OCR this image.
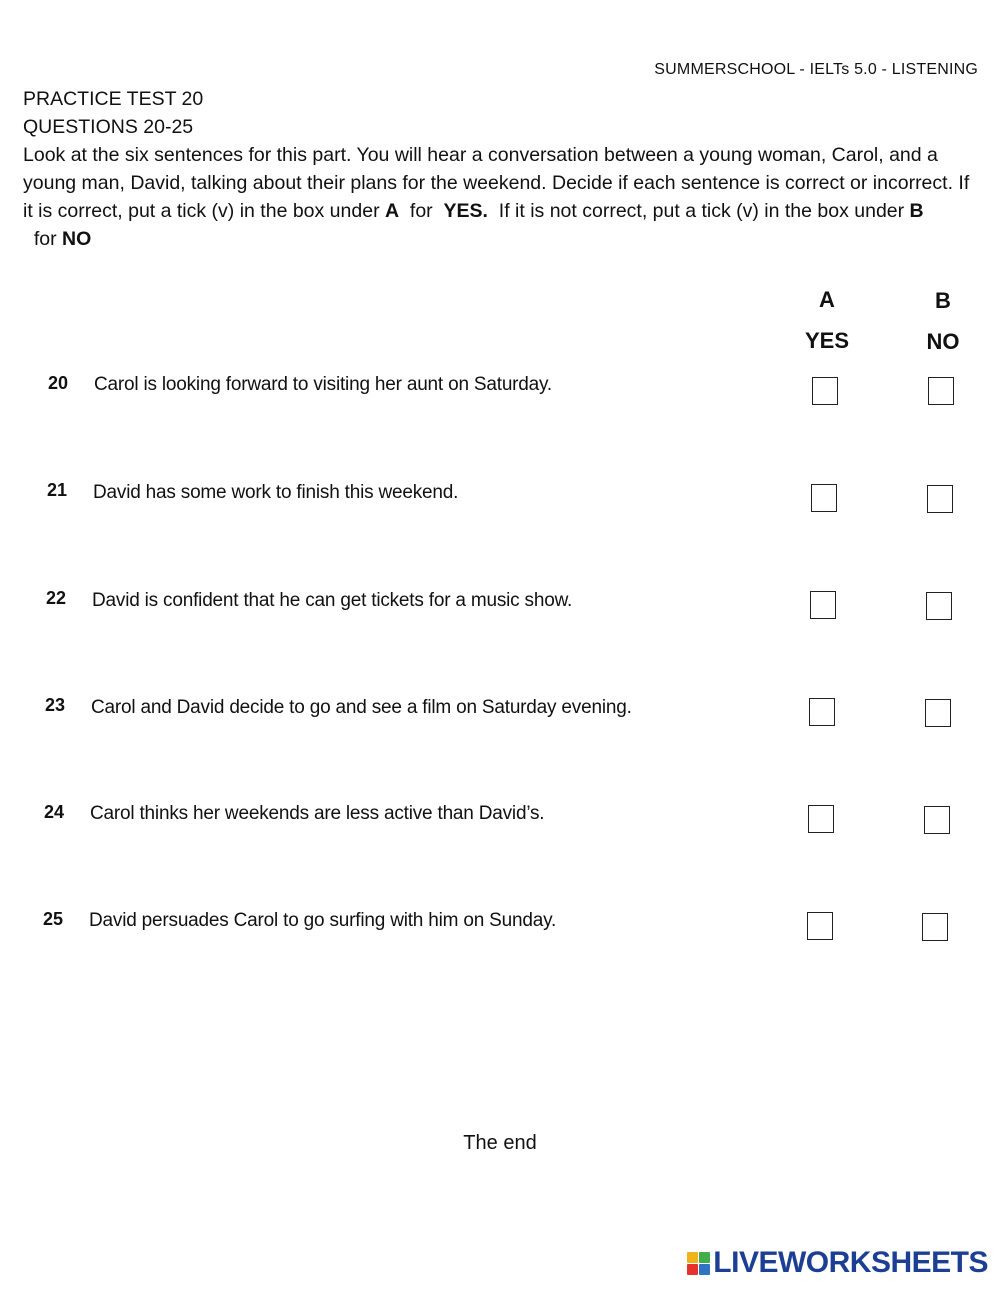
SUMMERSCHOOL - IELTs 5.0 - LISTENING
PRACTICE TEST 20
QUESTIONS 20-25
Look at the six sentences for this part. You will hear a conversation between a young woman, Carol, and a young man, David, talking about their plans for the weekend. Decide if each sentence is correct or incorrect. If it is correct, put a tick (v) in the box under A  for  YES.  If it is not correct, put a tick (v) in the box under B  for NO
A
YES
B
NO
20 Carol is looking forward to visiting her aunt on Saturday.
21 David has some work to finish this weekend.
22 David is confident that he can get tickets for a music show.
23 Carol and David decide to go and see a film on Saturday evening.
24 Carol thinks her weekends are less active than David’s.
25 David persuades Carol to go surfing with him on Sunday.
The end
LIVEWORKSHEETS
